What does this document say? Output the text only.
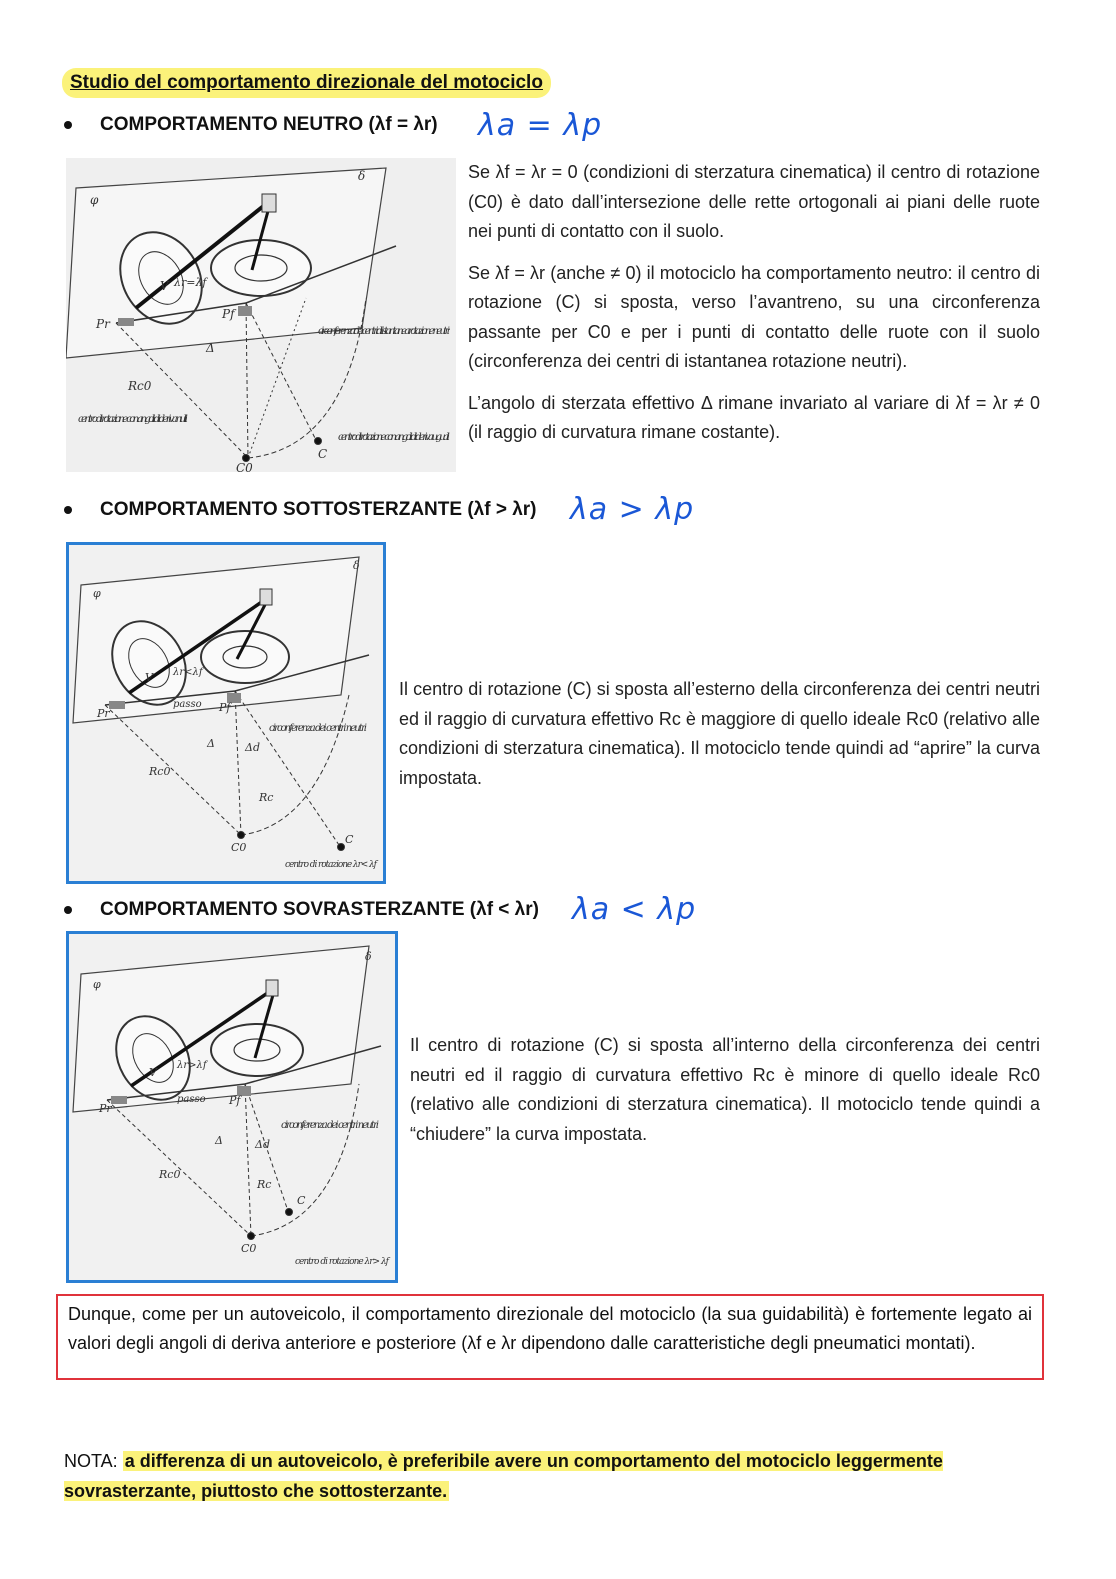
Studio del comportamento direzionale del motociclo
COMPORTAMENTO NEUTRO (λf = λr) λa = λp
φ
δ
V λr=λf
Pr
Pf
circonferenza dei centri di istantanea rotazione neutri
Δ
Rc0
C0
C
centro di rotazione con angoli di deriva nulli
centro di rotazione con angoli di deriva uguali

Se λf = λr = 0 (condizioni di sterzatura cinematica) il centro di rotazione (C0) è dato dall’intersezione delle rette ortogonali ai piani delle ruote nei punti di contatto con il suolo.

Se λf = λr (anche ≠ 0) il motociclo ha comportamento neutro: il centro di rotazione (C) si sposta, verso l’avantreno, su una circonferenza passante per C0 e per i punti di contatto delle ruote con il suolo (circonferenza dei centri di istantanea rotazione neutri).

L’angolo di sterzata effettivo Δ rimane invariato al variare di λf = λr ≠ 0 (il raggio di curvatura rimane costante).

COMPORTAMENTO SOTTOSTERZANTE (λf > λr) λa > λp
φ
δ
V λr<λf
Pr
passo Pf
circonferenza dei centri neutri
Δ	Δd
Rc0
Rc
C0
C
centro di rotazione λr< λf

Il centro di rotazione (C) si sposta all’esterno della circonferenza dei centri neutri ed il raggio di curvatura effettivo Rc è maggiore di quello ideale Rc0 (relativo alle condizioni di sterzatura cinematica). Il motociclo tende quindi ad “aprire” la curva impostata.

COMPORTAMENTO SOVRASTERZANTE (λf < λr) λa < λp
φ
δ
V
λr>λf
Pr
passo Pf
circonferenza dei centri neutri
Δ	Δd
Rc0
Rc
C0
C
centro di rotazione λr> λf

Il centro di rotazione (C) si sposta all’interno della circonferenza dei centri neutri ed il raggio di curvatura effettivo Rc è minore di quello ideale Rc0 (relativo alle condizioni di sterzatura cinematica). Il motociclo tende quindi a “chiudere” la curva impostata.

Dunque, come per un autoveicolo, il comportamento direzionale del motociclo (la sua guidabilità) è fortemente legato ai valori degli angoli di deriva anteriore e posteriore (λf e λr dipendono dalle caratteristiche degli pneumatici montati).
NOTA: a differenza di un autoveicolo, è preferibile avere un comportamento del motociclo leggermente sovrasterzante, piuttosto che sottosterzante.
